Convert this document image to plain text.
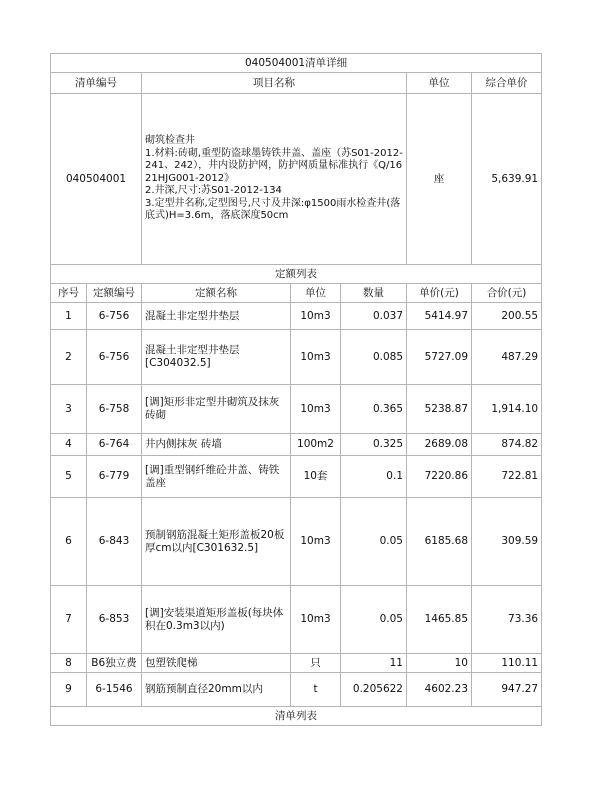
040504001清单详细						
清单编号		项目名称			单位	综合单价
040504001		砌筑检查井
1.材料:砖砌,重型防盗球墨铸铁井盖、盖座（苏S01-2012-241、242），井内设防护网，防护网质量标准执行《Q/1621HJG001-2012》
2.井深,尺寸:苏S01-2012-134
3.定型井名称,定型图号,尺寸及井深:φ1500雨水检查井(落底式)H=3.6m，落底深度50cm			座	5,639.91
定额列表						
序号	定额编号	定额名称	单位	数量	单价(元)	合价(元)
1	6-756	混凝土非定型井垫层	10m3	0.037	5414.97	200.55
2	6-756	混凝土非定型井垫层[C304032.5]	10m3	0.085	5727.09	487.29
3	6-758	[调]矩形非定型井砌筑及抹灰 砖砌	10m3	0.365	5238.87	1,914.10
4	6-764	井内侧抹灰 砖墙	100m2	0.325	2689.08	874.82
5	6-779	[调]重型钢纤维砼井盖、铸铁盖座	10套	0.1	7220.86	722.81
6	6-843	预制钢筋混凝土矩形盖板20板厚cm以内[C301632.5]	10m3	0.05	6185.68	309.59
7	6-853	[调]安装渠道矩形盖板(每块体积在0.3m3以内)	10m3	0.05	1465.85	73.36
8	B6独立费	包塑铁爬梯	只	11	10	110.11
9	6-1546	钢筋预制直径20mm以内	t	0.205622	4602.23	947.27
清单列表						
